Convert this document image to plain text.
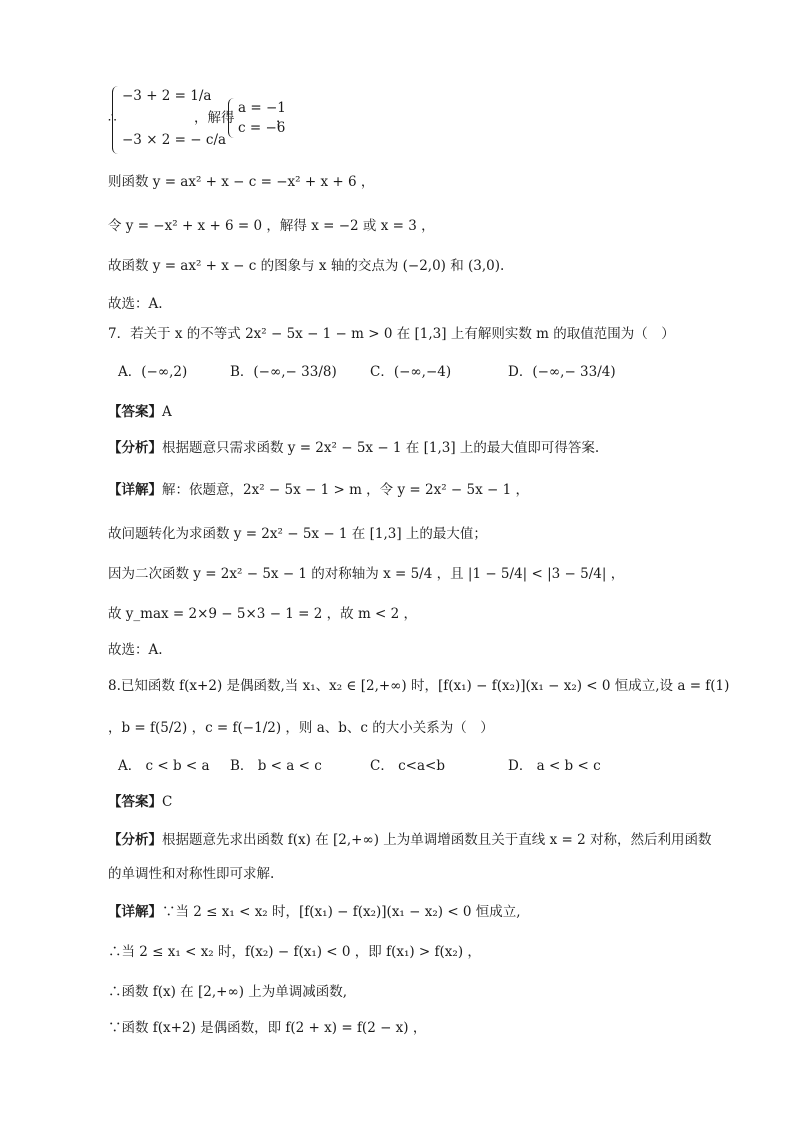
∴
−3 + 2 = 1/a
−3 × 2 = − c/a
，解得
a = −1
c = −6
，
则函数 y = ax² + x − c = −x² + x + 6 ，
令 y = −x² + x + 6 = 0 ，解得 x = −2 或 x = 3 ，
故函数 y = ax² + x − c 的图象与 x 轴的交点为 (−2,0) 和 (3,0).
故选：A.
7．若关于 x 的不等式 2x² − 5x − 1 − m > 0 在 [1,3] 上有解则实数 m 的取值范围为（　）
A．(−∞,2)	B．(−∞,− 33/8) C．(−∞,−4)	D．(−∞,− 33/4)
【答案】A
【分析】根据题意只需求函数 y = 2x² − 5x − 1 在 [1,3] 上的最大值即可得答案.
【详解】解：依题意，2x² − 5x − 1 > m ，令 y = 2x² − 5x − 1 ，
故问题转化为求函数 y = 2x² − 5x − 1 在 [1,3] 上的最大值；
因为二次函数 y = 2x² − 5x − 1 的对称轴为 x = 5/4 ，且 |1 − 5/4| < |3 − 5/4| ，
故 y_max = 2×9 − 5×3 − 1 = 2 ，故 m < 2 ，
故选：A.
8.已知函数 f(x+2) 是偶函数,当 x₁、x₂ ∈ [2,+∞) 时，[f(x₁) − f(x₂)](x₁ − x₂) < 0 恒成立,设 a = f(1)
，b = f(5/2) ，c = f(−1/2) ，则 a、b、c 的大小关系为（　）
A． c < b < a B． b < a < c	C． c<a<b	D． a < b < c
【答案】C
【分析】根据题意先求出函数 f(x) 在 [2,+∞) 上为单调增函数且关于直线 x = 2 对称，然后利用函数
的单调性和对称性即可求解.
【详解】∵当 2 ≤ x₁ < x₂ 时，[f(x₁) − f(x₂)](x₁ − x₂) < 0 恒成立,
∴当 2 ≤ x₁ < x₂ 时，f(x₂) − f(x₁) < 0 ，即 f(x₁) > f(x₂) ，
∴函数 f(x) 在 [2,+∞) 上为单调减函数,
∵函数 f(x+2) 是偶函数，即 f(2 + x) = f(2 − x) ，
